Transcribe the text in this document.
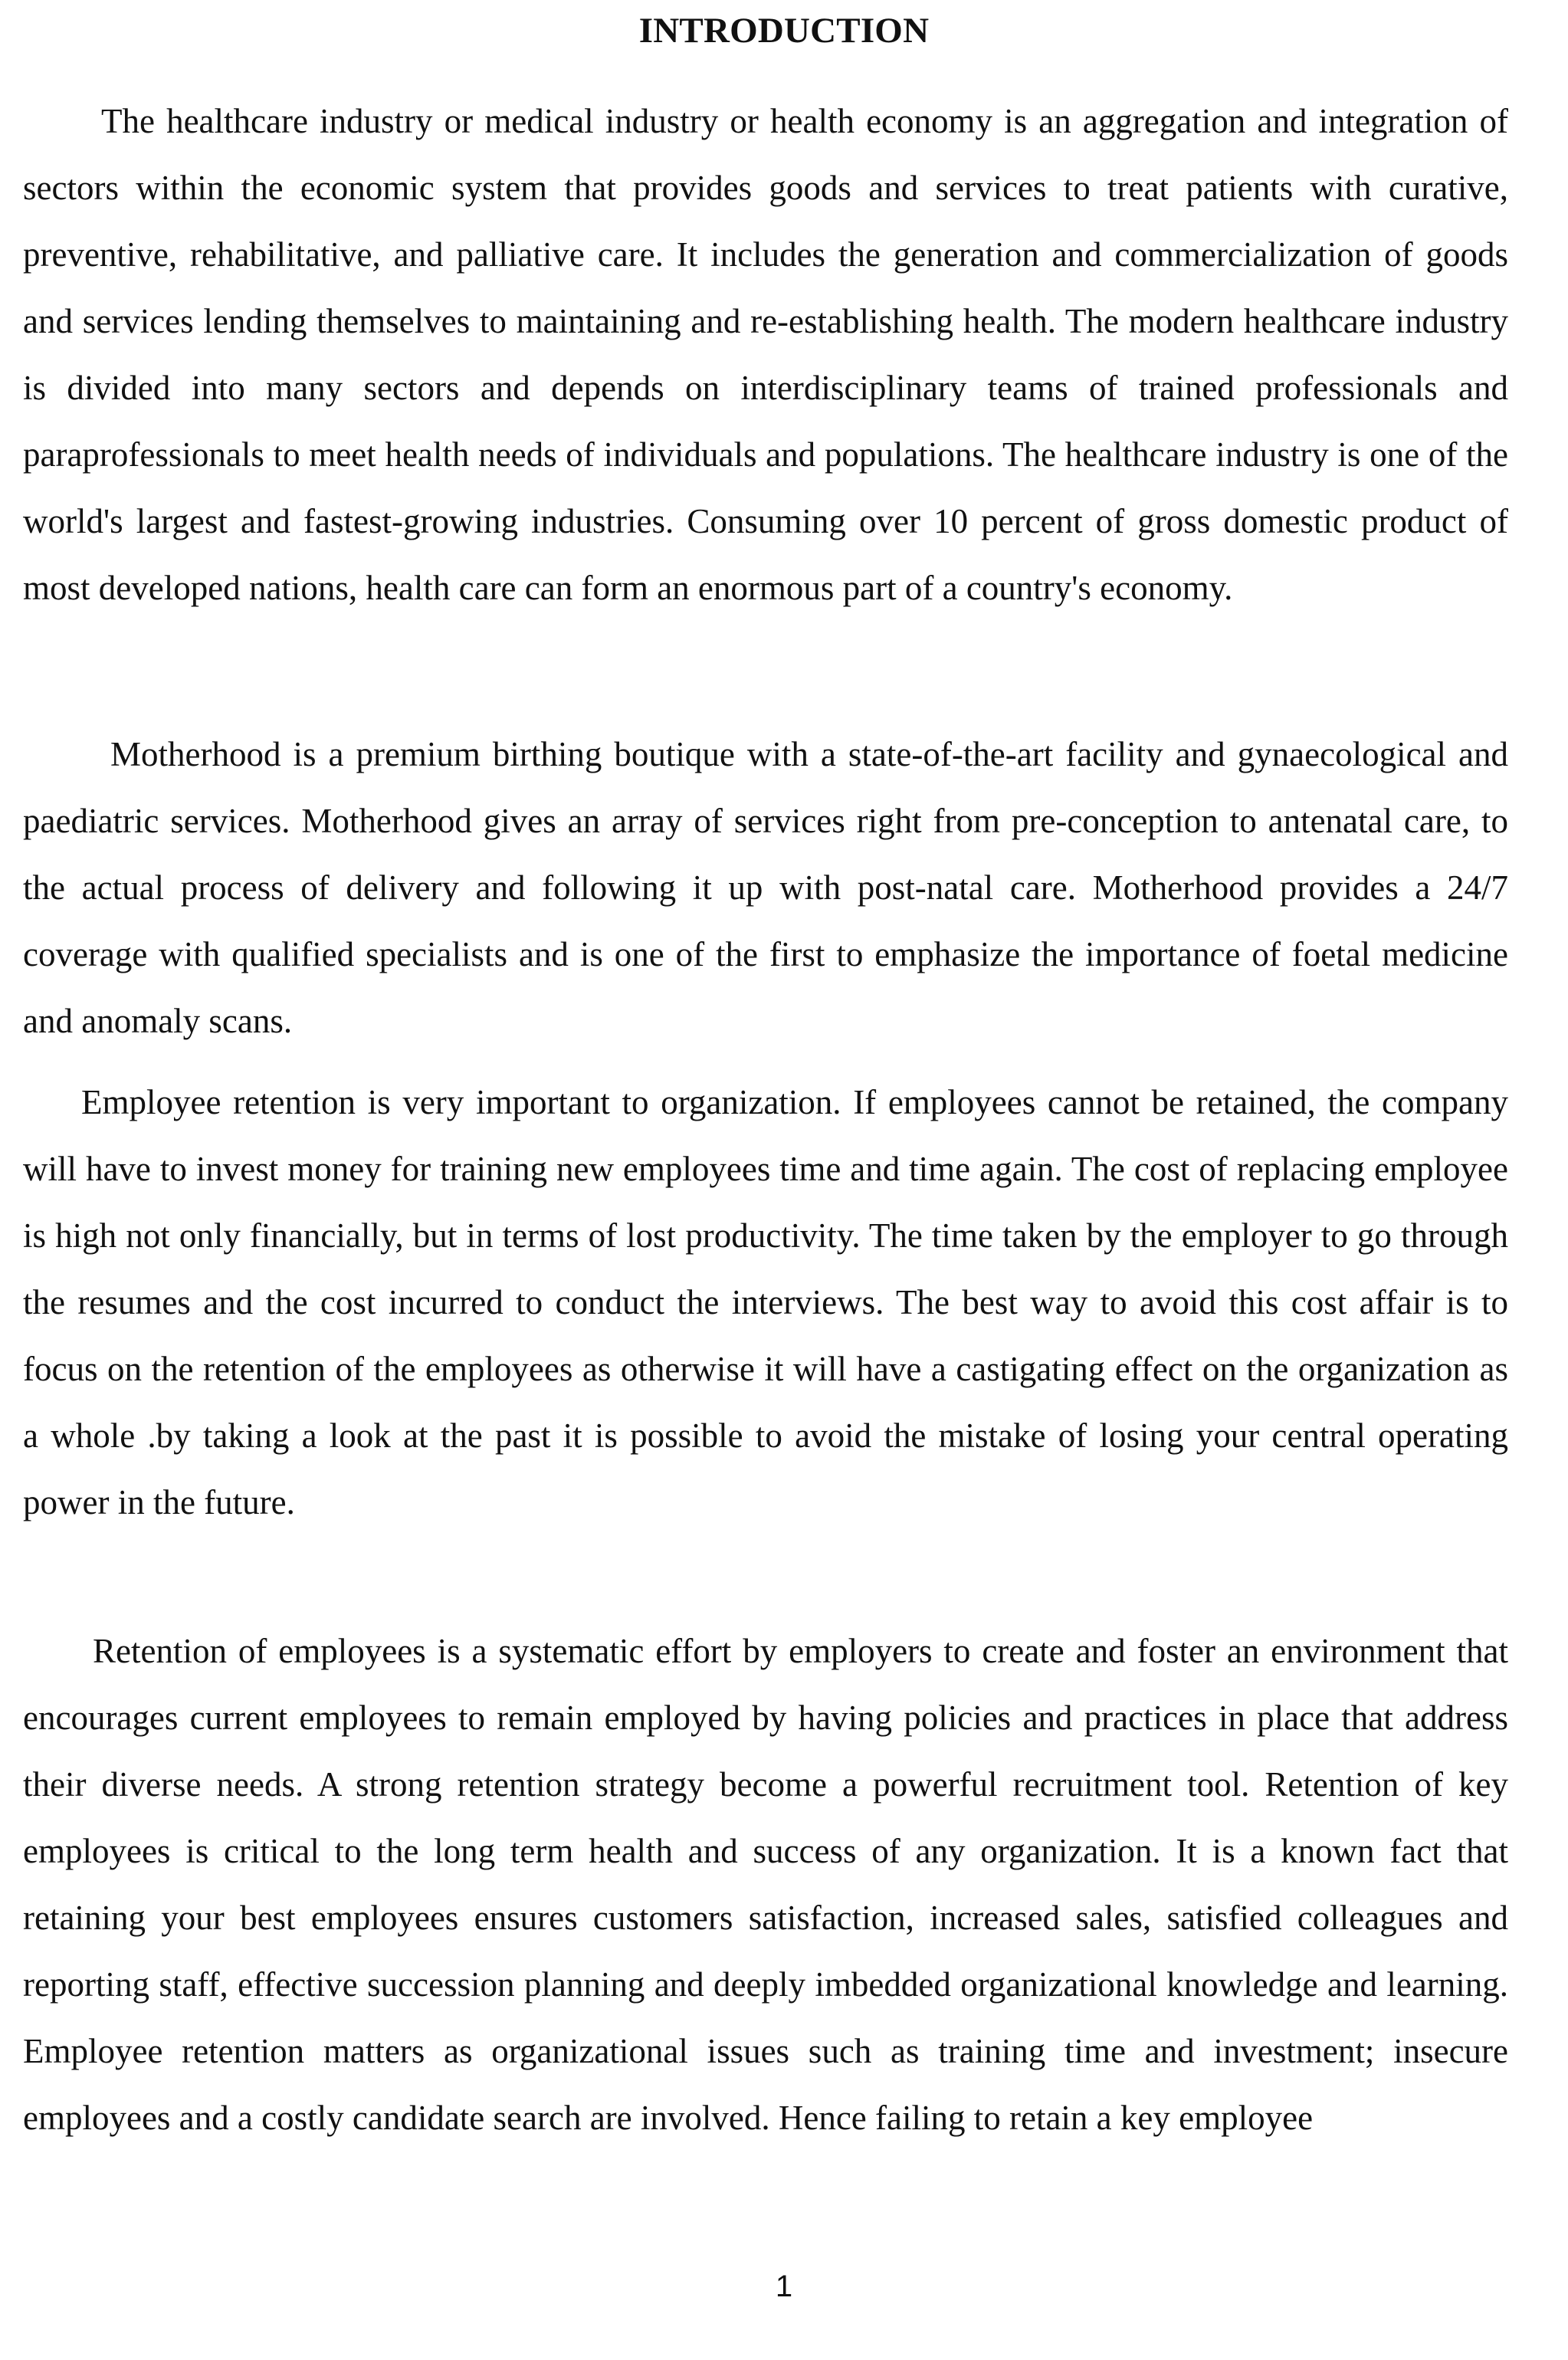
INTRODUCTION

The healthcare industry or medical industry or health economy is an aggregation and integration of sectors within the economic system that provides goods and services to treat patients with curative, preventive, rehabilitative, and palliative care. It includes the generation and commercialization of goods and services lending themselves to maintaining and re-establishing health. The modern healthcare industry is divided into many sectors and depends on interdisciplinary teams of trained professionals and paraprofessionals to meet health needs of individuals and populations. The healthcare industry is one of the world's largest and fastest-growing industries. Consuming over 10 percent of gross domestic product of most developed nations, health care can form an enormous part of a country's economy.

Motherhood is a premium birthing boutique with a state-of-the-art facility and gynaecological and paediatric services. Motherhood gives an array of services right from pre-conception to antenatal care, to the actual process of delivery and following it up with post-natal care. Motherhood provides a 24/7 coverage with qualified specialists and is one of the first to emphasize the importance of foetal medicine and anomaly scans.

Employee retention is very important to organization. If employees cannot be retained, the company will have to invest money for training new employees time and time again. The cost of replacing employee is high not only financially, but in terms of lost productivity. The time taken by the employer to go through the resumes and the cost incurred to conduct the interviews. The best way to avoid this cost affair is to focus on the retention of the employees as otherwise it will have a castigating effect on the organization as a whole .by taking a look at the past it is possible to avoid the mistake of losing your central operating power in the future.

Retention of employees is a systematic effort by employers to create and foster an environment that encourages current employees to remain employed by having policies and practices in place that address their diverse needs. A strong retention strategy become a powerful recruitment tool. Retention of key employees is critical to the long term health and success of any organization. It is a known fact that retaining your best employees ensures customers satisfaction, increased sales, satisfied colleagues and reporting staff, effective succession planning and deeply imbedded organizational knowledge and learning. Employee retention matters as organizational issues such as training time and investment; insecure employees and a costly candidate search are involved. Hence failing to retain a key employee

1
